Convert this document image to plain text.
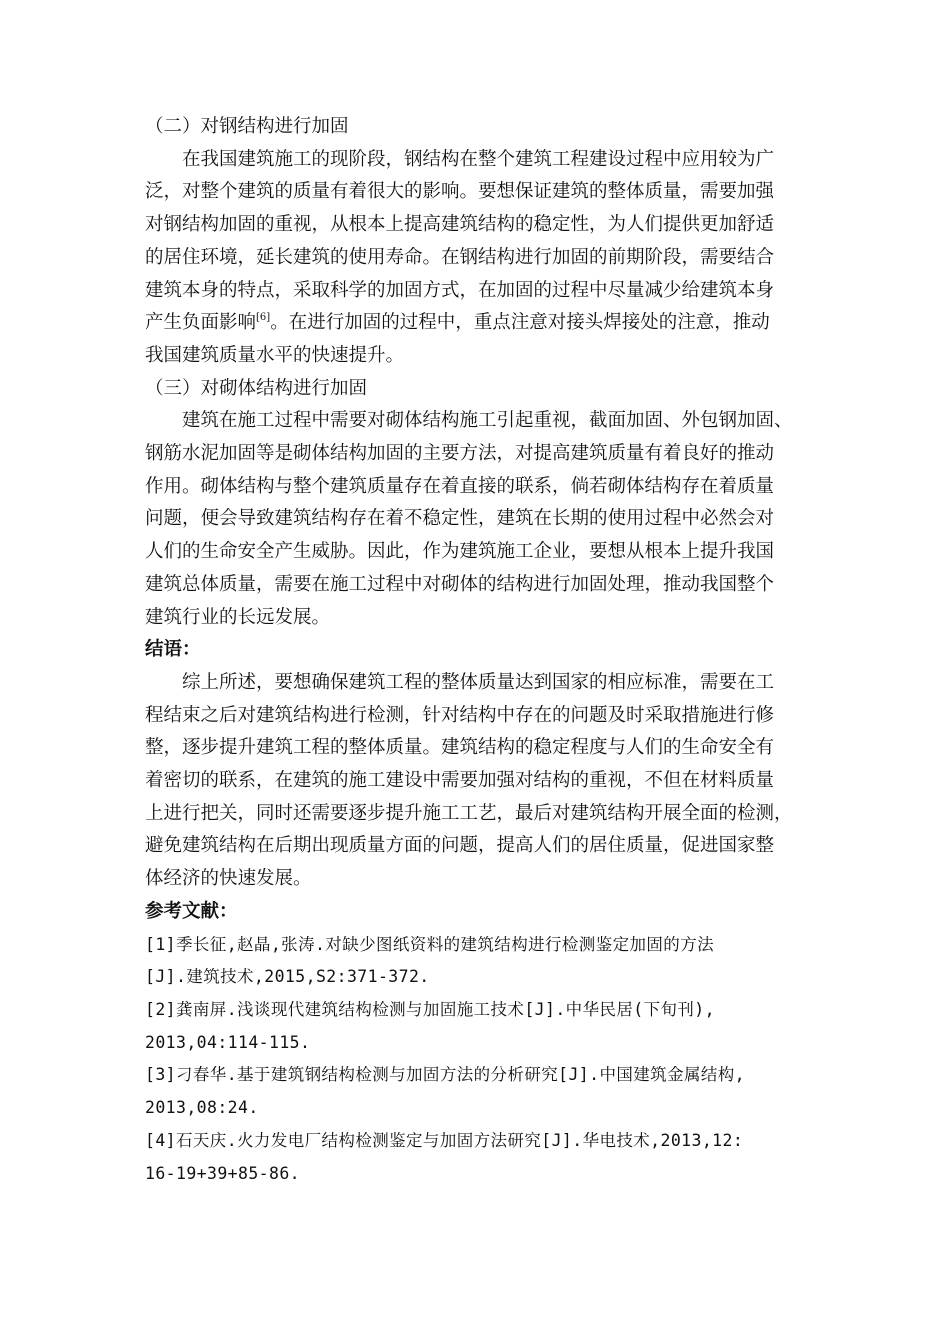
（二）对钢结构进行加固

在我国建筑施工的现阶段，钢结构在整个建筑工程建设过程中应用较为广
泛，对整个建筑的质量有着很大的影响。要想保证建筑的整体质量，需要加强
对钢结构加固的重视，从根本上提高建筑结构的稳定性，为人们提供更加舒适
的居住环境，延长建筑的使用寿命。在钢结构进行加固的前期阶段，需要结合
建筑本身的特点，采取科学的加固方式，在加固的过程中尽量减少给建筑本身
产生负面影响[6]。在进行加固的过程中，重点注意对接头焊接处的注意，推动
我国建筑质量水平的快速提升。

（三）对砌体结构进行加固

建筑在施工过程中需要对砌体结构施工引起重视，截面加固、外包钢加固、
钢筋水泥加固等是砌体结构加固的主要方法，对提高建筑质量有着良好的推动
作用。砌体结构与整个建筑质量存在着直接的联系，倘若砌体结构存在着质量
问题，便会导致建筑结构存在着不稳定性，建筑在长期的使用过程中必然会对
人们的生命安全产生威胁。因此，作为建筑施工企业，要想从根本上提升我国
建筑总体质量，需要在施工过程中对砌体的结构进行加固处理，推动我国整个
建筑行业的长远发展。

结语：

综上所述，要想确保建筑工程的整体质量达到国家的相应标准，需要在工
程结束之后对建筑结构进行检测，针对结构中存在的问题及时采取措施进行修
整，逐步提升建筑工程的整体质量。建筑结构的稳定程度与人们的生命安全有
着密切的联系，在建筑的施工建设中需要加强对结构的重视，不但在材料质量
上进行把关，同时还需要逐步提升施工工艺，最后对建筑结构开展全面的检测，
避免建筑结构在后期出现质量方面的问题，提高人们的居住质量，促进国家整
体经济的快速发展。

参考文献：

[1]季长征,赵晶,张涛.对缺少图纸资料的建筑结构进行检测鉴定加固的方法

[J].建筑技术,2015,S2:371-372.

[2]龚南屏.浅谈现代建筑结构检测与加固施工技术[J].中华民居(下旬刊),

2013,04:114-115.

[3]刁春华.基于建筑钢结构检测与加固方法的分析研究[J].中国建筑金属结构,

2013,08:24.

[4]石天庆.火力发电厂结构检测鉴定与加固方法研究[J].华电技术,2013,12:

16-19+39+85-86.
